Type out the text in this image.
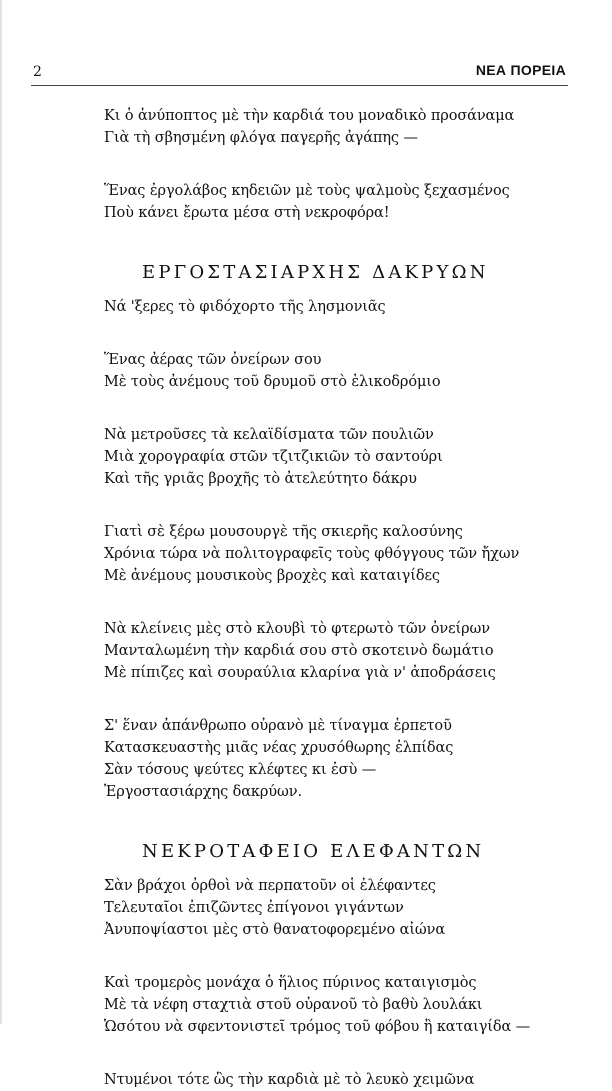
2	ΝΕΑ ΠΟΡΕΙΑ
Κι ὁ ἀνύποπτος μὲ τὴν καρδιά του μοναδικὸ προσάναμα
Γιὰ τὴ σβησμένη φλόγα παγερῆς ἀγάπης —
Ἕνας ἐργολάβος κηδειῶν μὲ τοὺς ψαλμοὺς ξεχασμένος
Ποὺ κάνει ἔρωτα μέσα στὴ νεκροφόρα!
ΕΡΓΟΣΤΑΣΙΑΡΧΗΣ ΔΑΚΡΥΩΝ
Νά 'ξερες τὸ φιδόχορτο τῆς λησμονιᾶς
Ἕνας ἀέρας τῶν ὀνείρων σου
Μὲ τοὺς ἀνέμους τοῦ δρυμοῦ στὸ ἑλικοδρόμιο
Νὰ μετροῦσες τὰ κελαϊδίσματα τῶν πουλιῶν
Μιὰ χορογραφία στῶν τζιτζικιῶν τὸ σαντούρι
Καὶ τῆς γριᾶς βροχῆς τὸ ἀτελεύτητο δάκρυ
Γιατὶ σὲ ξέρω μουσουργὲ τῆς σκιερῆς καλοσύνης
Χρόνια τώρα νὰ πολιτογραφεῖς τοὺς φθόγγους τῶν ἤχων
Μὲ ἀνέμους μουσικοὺς βροχὲς καὶ καταιγίδες
Νὰ κλείνεις μὲς στὸ κλουβὶ τὸ φτερωτὸ τῶν ὀνείρων
Μανταλωμένη τὴν καρδιά σου στὸ σκοτεινὸ δωμάτιο
Μὲ πίπιζες καὶ σουραύλια κλαρίνα γιὰ ν' ἀποδράσεις
Σ' ἕναν ἀπάνθρωπο οὐρανὸ μὲ τίναγμα ἑρπετοῦ
Κατασκευαστὴς μιᾶς νέας χρυσόθωρης ἐλπίδας
Σὰν τόσους ψεύτες κλέφτες κι ἐσὺ —
Ἐργοστασιάρχης δακρύων.
ΝΕΚΡΟΤΑΦΕΙΟ ΕΛΕΦΑΝΤΩΝ
Σὰν βράχοι ὀρθοὶ νὰ περπατοῦν οἱ ἐλέφαντες
Τελευταῖοι ἐπιζῶντες ἐπίγονοι γιγάντων
Ἀνυποψίαστοι μὲς στὸ θανατοφορεμένο αἰώνα
Καὶ τρομερὸς μονάχα ὁ ἥλιος πύρινος καταιγισμὸς
Μὲ τὰ νέφη σταχτιὰ στοῦ οὐρανοῦ τὸ βαθὺ λουλάκι
Ὡσότου νὰ σφεντονιστεῖ τρόμος τοῦ φόβου ἢ καταιγίδα —
Ντυμένοι τότε ὣς τὴν καρδιὰ μὲ τὸ λευκὸ χειμῶνα
